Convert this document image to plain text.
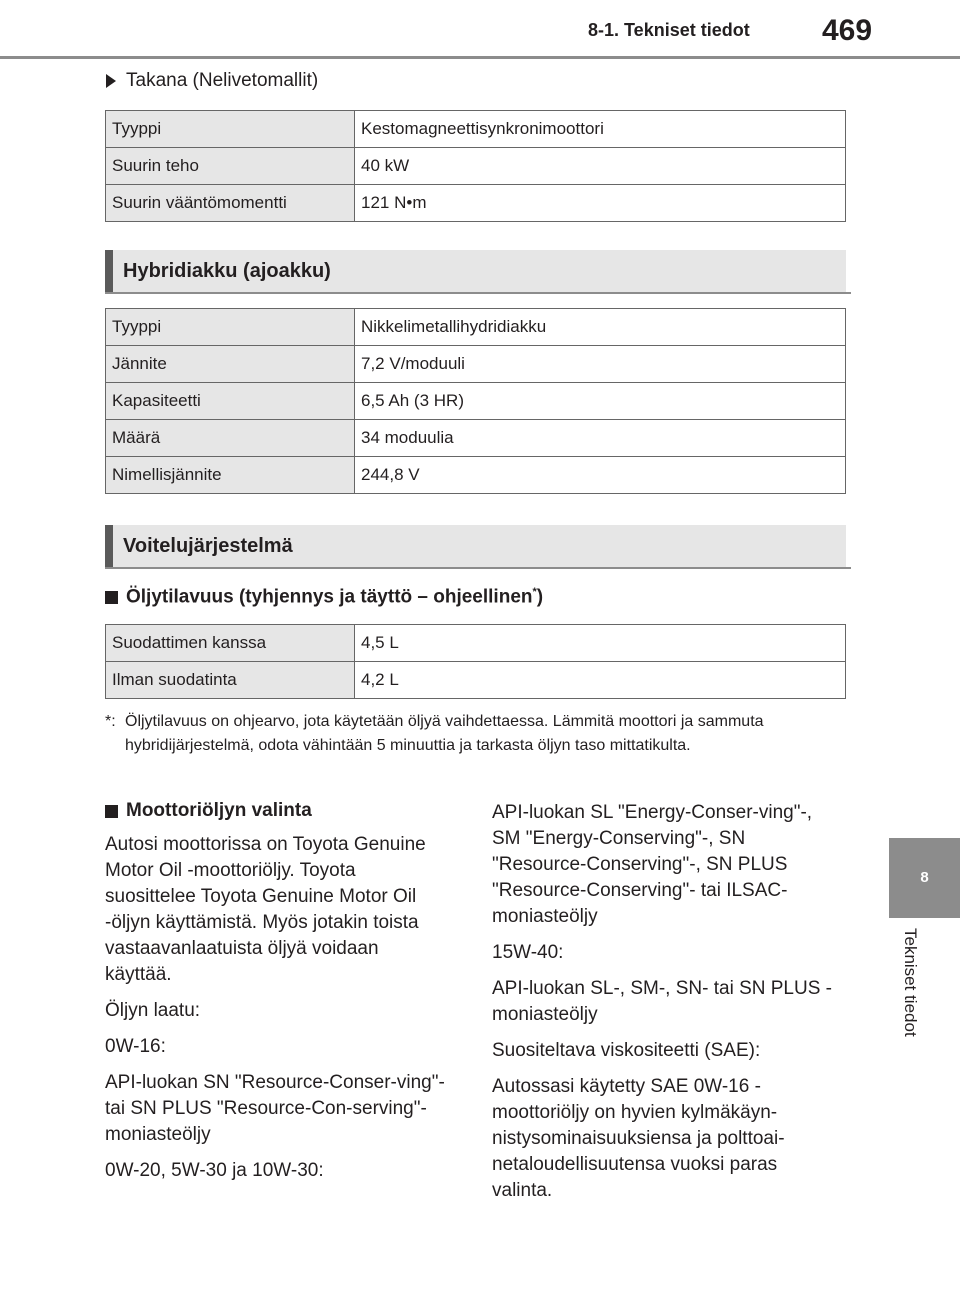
8-1. Tekniset tiedot 469
8
Tekniset tiedot
Takana (Nelivetomallit)
Tyyppi	Kestomagneettisynkronimoottori
Suurin teho	40 kW
Suurin vääntömomentti	121 N•m
Hybridiakku (ajoakku)
Tyyppi	Nikkelimetallihydridiakku
Jännite	7,2 V/moduuli
Kapasiteetti	6,5 Ah (3 HR)
Määrä	34 moduulia
Nimellisjännite	244,8 V
Voitelujärjestelmä
Öljytilavuus (tyhjennys ja täyttö – ohjeellinen*)
Suodattimen kanssa	4,5 L
Ilman suodatinta	4,2 L
*: Öljytilavuus on ohjearvo, jota käytetään öljyä vaihdettaessa. Lämmitä moottori ja sammuta hybridijärjestelmä, odota vähintään 5 minuuttia ja tarkasta öljyn taso mittatikulta.
Moottoriöljyn valinta

Autosi moottorissa on Toyota Genuine Motor Oil -moottoriöljy. Toyota suosittelee Toyota Genuine Motor Oil -öljyn käyttämistä. Myös jotakin toista vastaavanlaatuista öljyä voidaan käyttää.

Öljyn laatu:

0W-16:

API-luokan SN "Resource-Conser-ving"- tai SN PLUS "Resource-Con-serving"-moniasteöljy

0W-20, 5W-30 ja 10W-30:

API-luokan SL "Energy-Conser-ving"-, SM "Energy-Conserving"-, SN "Resource-Conserving"-, SN PLUS "Resource-Conserving"- tai ILSAC-moniasteöljy

15W-40:

API-luokan SL-, SM-, SN- tai SN PLUS -moniasteöljy

Suositeltava viskositeetti (SAE):

Autossasi käytetty SAE 0W-16 -moottoriöljy on hyvien kylmäkäyn-nistysominaisuuksiensa ja polttoai-netaloudellisuutensa vuoksi paras valinta.
